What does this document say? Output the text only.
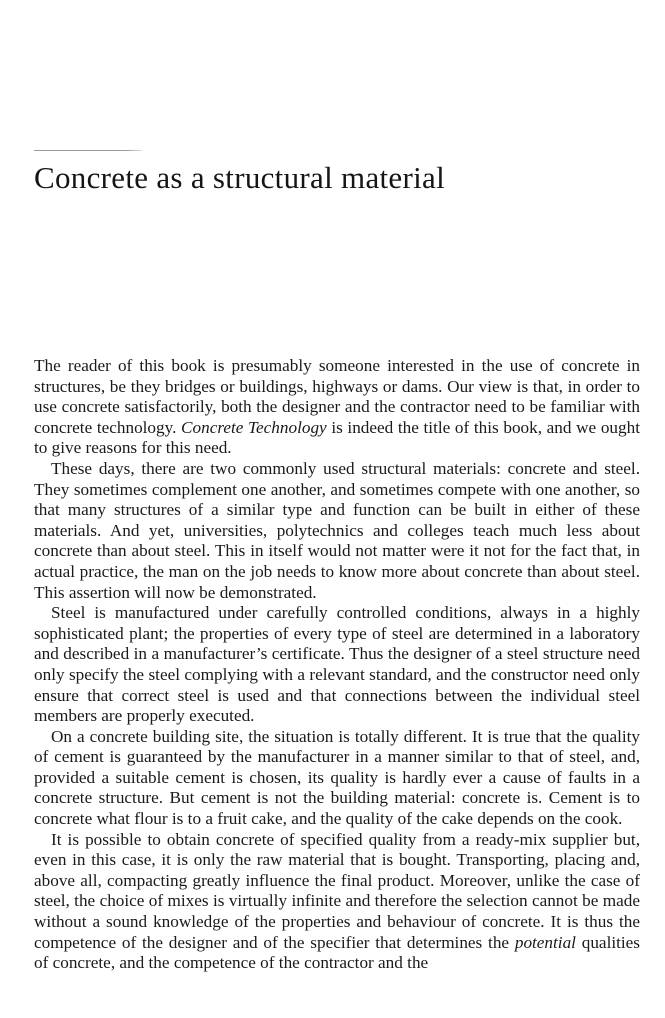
Concrete as a structural material

The reader of this book is presumably someone interested in the use of concrete in structures, be they bridges or buildings, highways or dams. Our view is that, in order to use concrete satisfactorily, both the designer and the contractor need to be familiar with concrete technology. Concrete Technology is indeed the title of this book, and we ought to give reasons for this need.

These days, there are two commonly used structural materials: concrete and steel. They sometimes complement one another, and sometimes compete with one another, so that many structures of a similar type and function can be built in either of these materials. And yet, universities, polytechnics and colleges teach much less about concrete than about steel. This in itself would not matter were it not for the fact that, in actual practice, the man on the job needs to know more about concrete than about steel. This assertion will now be demonstrated.

Steel is manufactured under carefully controlled conditions, always in a highly sophisticated plant; the properties of every type of steel are determined in a laboratory and described in a manufacturer’s certificate. Thus the designer of a steel structure need only specify the steel complying with a relevant standard, and the constructor need only ensure that correct steel is used and that connections between the individual steel members are properly executed.

On a concrete building site, the situation is totally different. It is true that the quality of cement is guaranteed by the manufacturer in a manner similar to that of steel, and, provided a suitable cement is chosen, its quality is hardly ever a cause of faults in a concrete structure. But cement is not the building material: concrete is. Cement is to concrete what flour is to a fruit cake, and the quality of the cake depends on the cook.

It is possible to obtain concrete of specified quality from a ready-mix supplier but, even in this case, it is only the raw material that is bought. Transporting, placing and, above all, compacting greatly influence the final product. Moreover, unlike the case of steel, the choice of mixes is virtually infinite and therefore the selection cannot be made without a sound knowledge of the properties and behaviour of concrete. It is thus the competence of the designer and of the specifier that determines the potential qualities of concrete, and the competence of the contractor and the
